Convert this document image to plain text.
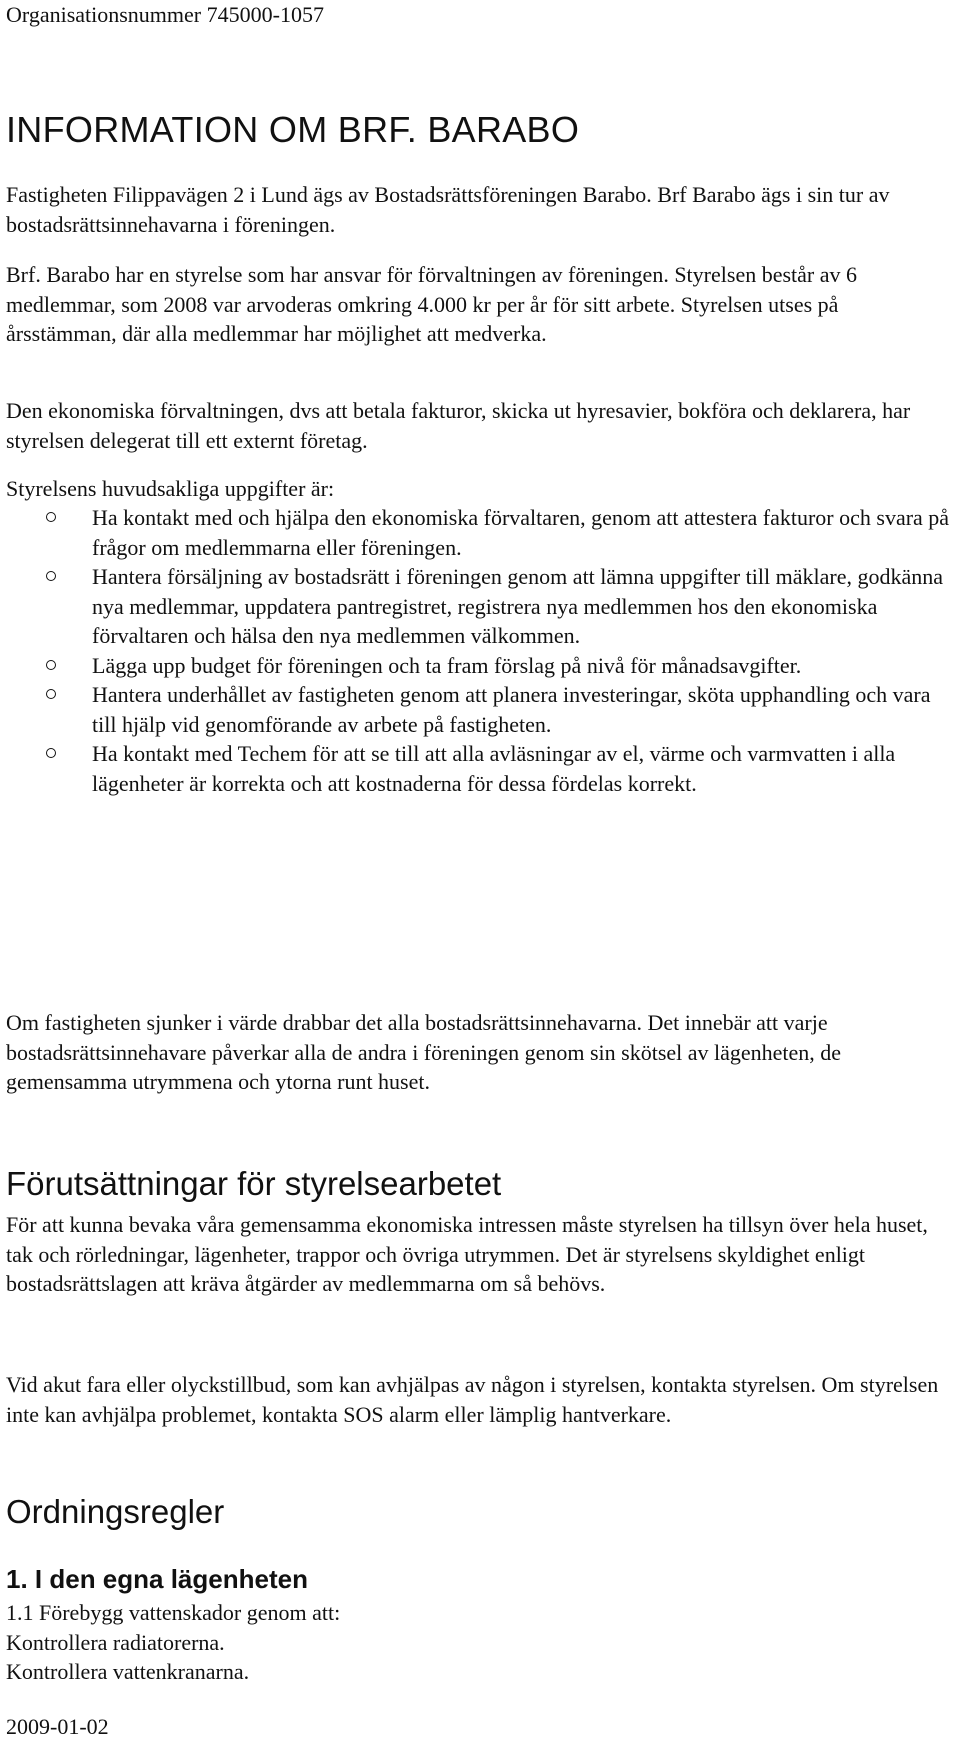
Organisationsnummer 745000-1057
INFORMATION OM BRF. BARABO

Fastigheten Filippavägen 2 i Lund ägs av Bostadsrättsföreningen Barabo. Brf Barabo ägs i sin tur av bostadsrättsinnehavarna i föreningen.

Brf. Barabo har en styrelse som har ansvar för förvaltningen av föreningen. Styrelsen består av 6 medlemmar, som 2008 var arvoderas omkring 4.000 kr per år för sitt arbete. Styrelsen utses på årsstämman, där alla medlemmar har möjlighet att medverka.

Den ekonomiska förvaltningen, dvs att betala fakturor, skicka ut hyresavier, bokföra och deklarera, har styrelsen delegerat till ett externt företag.

Styrelsens huvudsakliga uppgifter är:

Ha kontakt med och hjälpa den ekonomiska förvaltaren, genom att attestera fakturor och svara på frågor om medlemmarna eller föreningen.
Hantera försäljning av bostadsrätt i föreningen genom att lämna uppgifter till mäklare, godkänna nya medlemmar, uppdatera pantregistret, registrera nya medlemmen hos den ekonomiska förvaltaren och hälsa den nya medlemmen välkommen.
Lägga upp budget för föreningen och ta fram förslag på nivå för månadsavgifter.
Hantera underhållet av fastigheten genom att planera investeringar, sköta upphandling och vara till hjälp vid genomförande av arbete på fastigheten.
Ha kontakt med Techem för att se till att alla avläsningar av el, värme och varmvatten i alla lägenheter är korrekta och att kostnaderna för dessa fördelas korrekt.

Om fastigheten sjunker i värde drabbar det alla bostadsrättsinnehavarna. Det innebär att varje bostadsrättsinnehavare påverkar alla de andra i föreningen genom sin skötsel av lägenheten, de gemensamma utrymmena och ytorna runt huset.

Förutsättningar för styrelsearbetet

För att kunna bevaka våra gemensamma ekonomiska intressen måste styrelsen ha tillsyn över hela huset, tak och rörledningar, lägenheter, trappor och övriga utrymmen. Det är styrelsens skyldighet enligt bostadsrättslagen att kräva åtgärder av medlemmarna om så behövs.

Vid akut fara eller olyckstillbud, som kan avhjälpas av någon i styrelsen, kontakta styrelsen. Om styrelsen inte kan avhjälpa problemet, kontakta SOS alarm eller lämplig hantverkare.

Ordningsregler
1. I den egna lägenheten
1.1 Förebygg vattenskador genom att:
Kontrollera radiatorerna.
Kontrollera vattenkranarna.
2009-01-02
